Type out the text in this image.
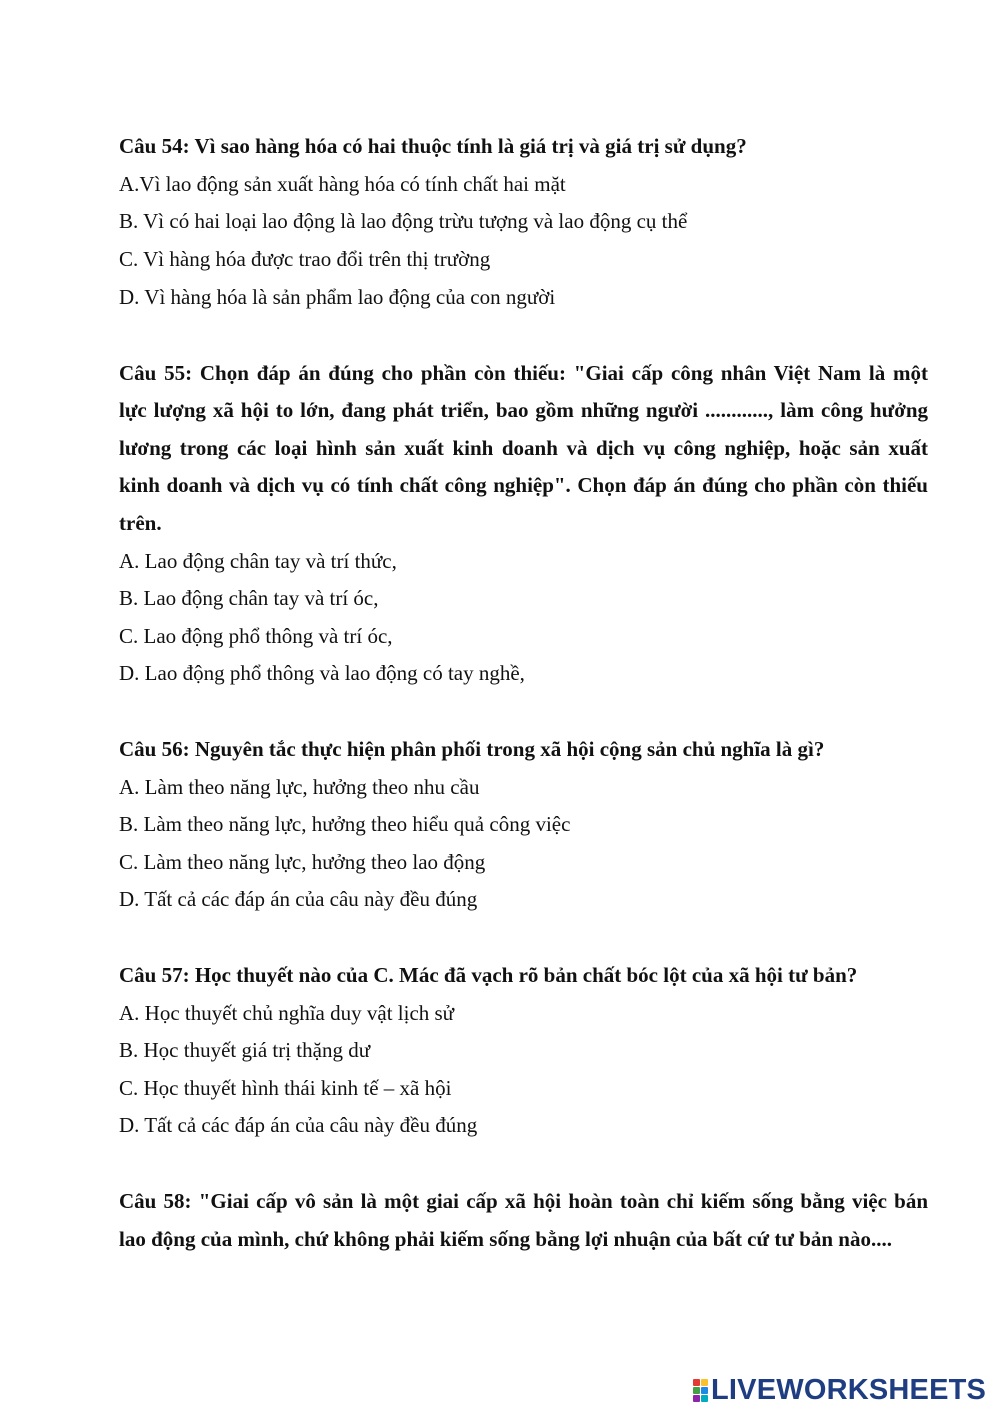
Câu 54: Vì sao hàng hóa có hai thuộc tính là giá trị và giá trị sử dụng?
A.Vì lao động sản xuất hàng hóa có tính chất hai mặt
B. Vì có hai loại lao động là lao động trừu tượng và lao động cụ thể
C. Vì hàng hóa được trao đổi trên thị trường
D. Vì hàng hóa là sản phẩm lao động của con người
Câu 55: Chọn đáp án đúng cho phần còn thiếu: "Giai cấp công nhân Việt Nam là một
lực lượng xã hội to lớn, đang phát triển, bao gồm những người ............, làm công hưởng
lương trong các loại hình sản xuất kinh doanh và dịch vụ công nghiệp, hoặc sản xuất
kinh doanh và dịch vụ có tính chất công nghiệp". Chọn đáp án đúng cho phần còn thiếu
trên.
A. Lao động chân tay và trí thức,
B. Lao động chân tay và trí óc,
C. Lao động phổ thông và trí óc,
D. Lao động phổ thông và lao động có tay nghề,
Câu 56: Nguyên tắc thực hiện phân phối trong xã hội cộng sản chủ nghĩa là gì?
A. Làm theo năng lực, hưởng theo nhu cầu
B. Làm theo năng lực, hưởng theo hiểu quả công việc
C. Làm theo năng lực, hưởng theo lao động
D. Tất cả các đáp án của câu này đều đúng
Câu 57: Học thuyết nào của C. Mác đã vạch rõ bản chất bóc lột của xã hội tư bản?
A. Học thuyết chủ nghĩa duy vật lịch sử
B. Học thuyết giá trị thặng dư
C. Học thuyết hình thái kinh tế – xã hội
D. Tất cả các đáp án của câu này đều đúng
Câu 58: "Giai cấp vô sản là một giai cấp xã hội hoàn toàn chỉ kiếm sống bằng việc bán
lao động của mình, chứ không phải kiếm sống bằng lợi nhuận của bất cứ tư bản nào....
LIVEWORKSHEETS
